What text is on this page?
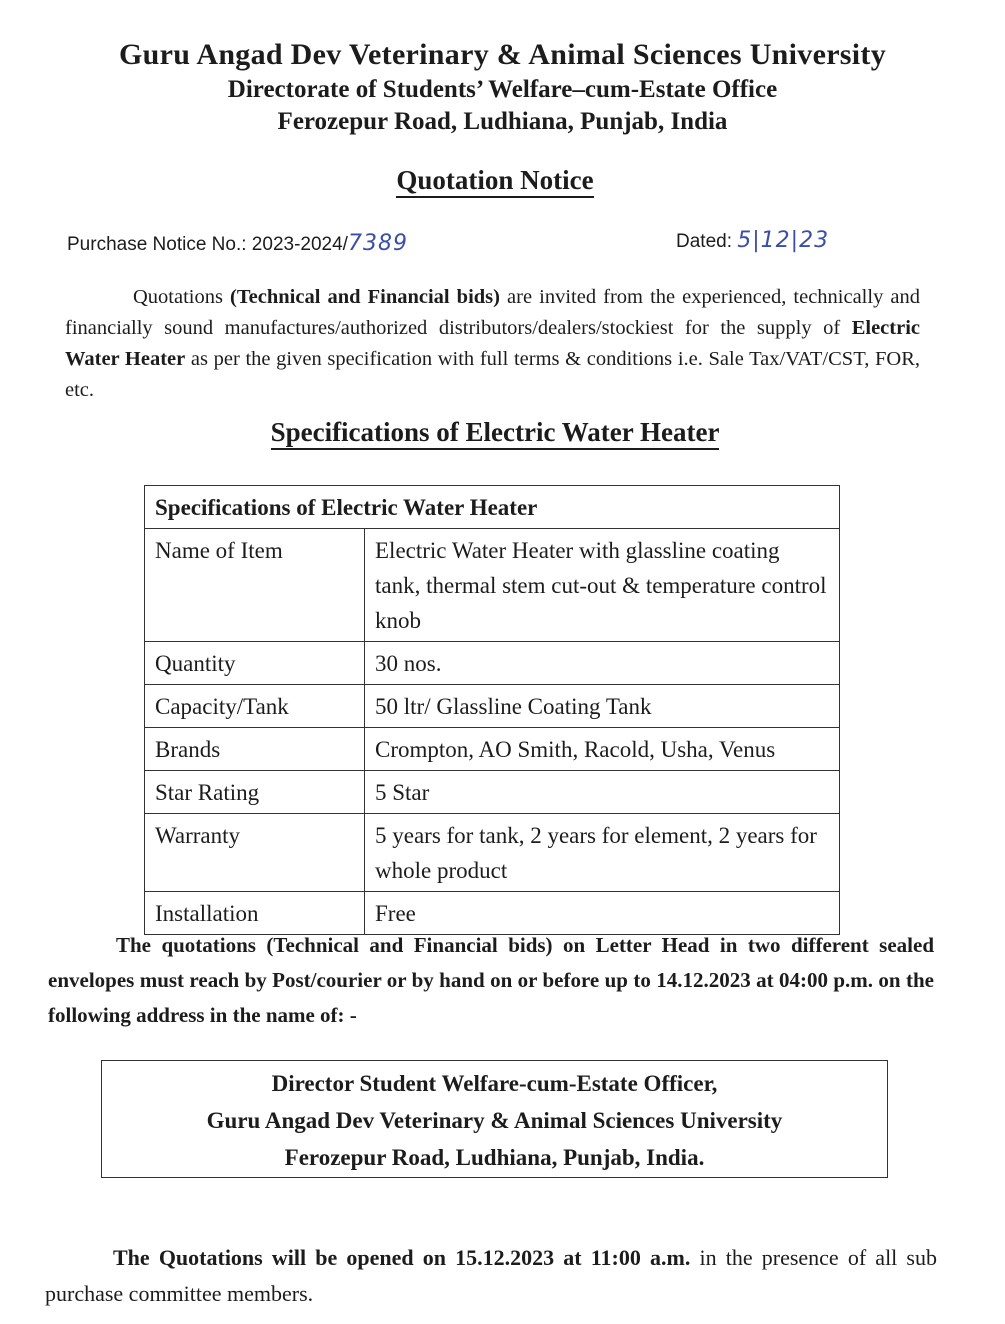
Guru Angad Dev Veterinary & Animal Sciences University
Directorate of Students’ Welfare–cum-Estate Office
Ferozepur Road, Ludhiana, Punjab, India
Quotation Notice
Purchase Notice No.: 2023-2024/7389	Dated: 5|12|23
Quotations (Technical and Financial bids) are invited from the experienced, technically and financially sound manufactures/authorized distributors/dealers/stockiest for the supply of Electric Water Heater as per the given specification with full terms & conditions i.e. Sale Tax/VAT/CST, FOR, etc.
Specifications of Electric Water Heater
Specifications of Electric Water Heater	
Name of Item	Electric Water Heater with glassline coating tank, thermal stem cut-out & temperature control knob
Quantity	30 nos.
Capacity/Tank	50 ltr/ Glassline Coating Tank
Brands	Crompton, AO Smith, Racold, Usha, Venus
Star Rating	5 Star
Warranty	5 years for tank, 2 years for element, 2 years for whole product
Installation	Free
The quotations (Technical and Financial bids) on Letter Head in two different sealed envelopes must reach by Post/courier or by hand on or before up to 14.12.2023 at 04:00 p.m. on the following address in the name of: -
Director Student Welfare-cum-Estate Officer,
Guru Angad Dev Veterinary & Animal Sciences University
Ferozepur Road, Ludhiana, Punjab, India.
The Quotations will be opened on 15.12.2023 at 11:00 a.m. in the presence of all sub purchase committee members.
